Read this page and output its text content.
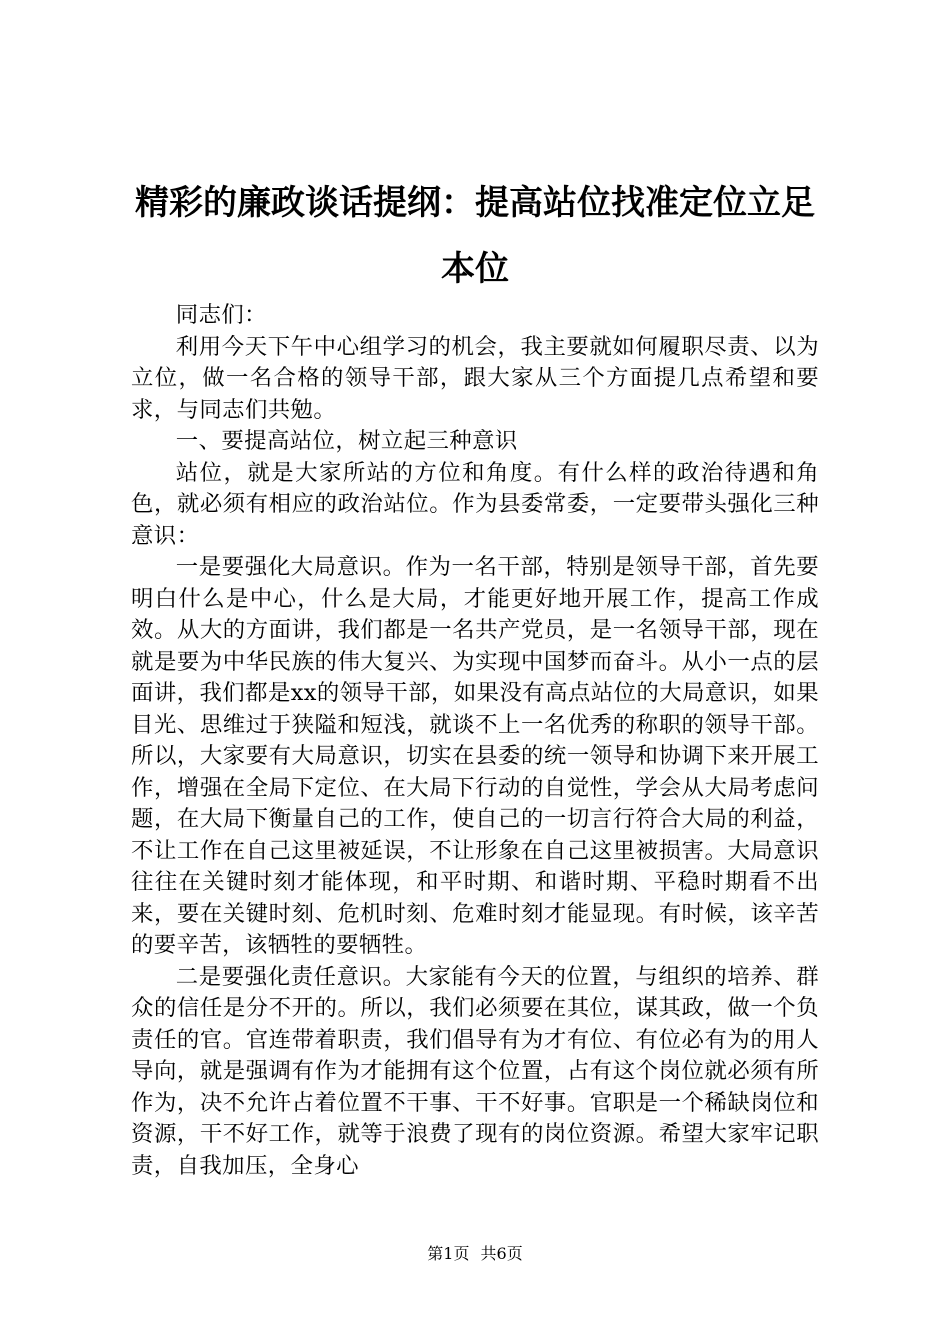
精彩的廉政谈话提纲：提高站位找准定位立足
本位

同志们：

利用今天下午中心组学习的机会，我主要就如何履职尽责、以为立位，做一名合格的领导干部，跟大家从三个方面提几点希望和要求，与同志们共勉。

一、要提高站位，树立起三种意识

站位，就是大家所站的方位和角度。有什么样的政治待遇和角色，就必须有相应的政治站位。作为县委常委，一定要带头强化三种意识：

一是要强化大局意识。作为一名干部，特别是领导干部，首先要明白什么是中心，什么是大局，才能更好地开展工作，提高工作成效。从大的方面讲，我们都是一名共产党员，是一名领导干部，现在就是要为中华民族的伟大复兴、为实现中国梦而奋斗。从小一点的层面讲，我们都是xx的领导干部，如果没有高点站位的大局意识，如果目光、思维过于狭隘和短浅，就谈不上一名优秀的称职的领导干部。所以，大家要有大局意识，切实在县委的统一领导和协调下来开展工作，增强在全局下定位、在大局下行动的自觉性，学会从大局考虑问题，在大局下衡量自己的工作，使自己的一切言行符合大局的利益，不让工作在自己这里被延误，不让形象在自己这里被损害。大局意识往往在关键时刻才能体现，和平时期、和谐时期、平稳时期看不出来，要在关键时刻、危机时刻、危难时刻才能显现。有时候，该辛苦的要辛苦，该牺牲的要牺牲。

二是要强化责任意识。大家能有今天的位置，与组织的培养、群众的信任是分不开的。所以，我们必须要在其位，谋其政，做一个负责任的官。官连带着职责，我们倡导有为才有位、有位必有为的用人导向，就是强调有作为才能拥有这个位置，占有这个岗位就必须有所作为，决不允许占着位置不干事、干不好事。官职是一个稀缺岗位和资源，干不好工作，就等于浪费了现有的岗位资源。希望大家牢记职责，自我加压，全身心

第1页 共6页
